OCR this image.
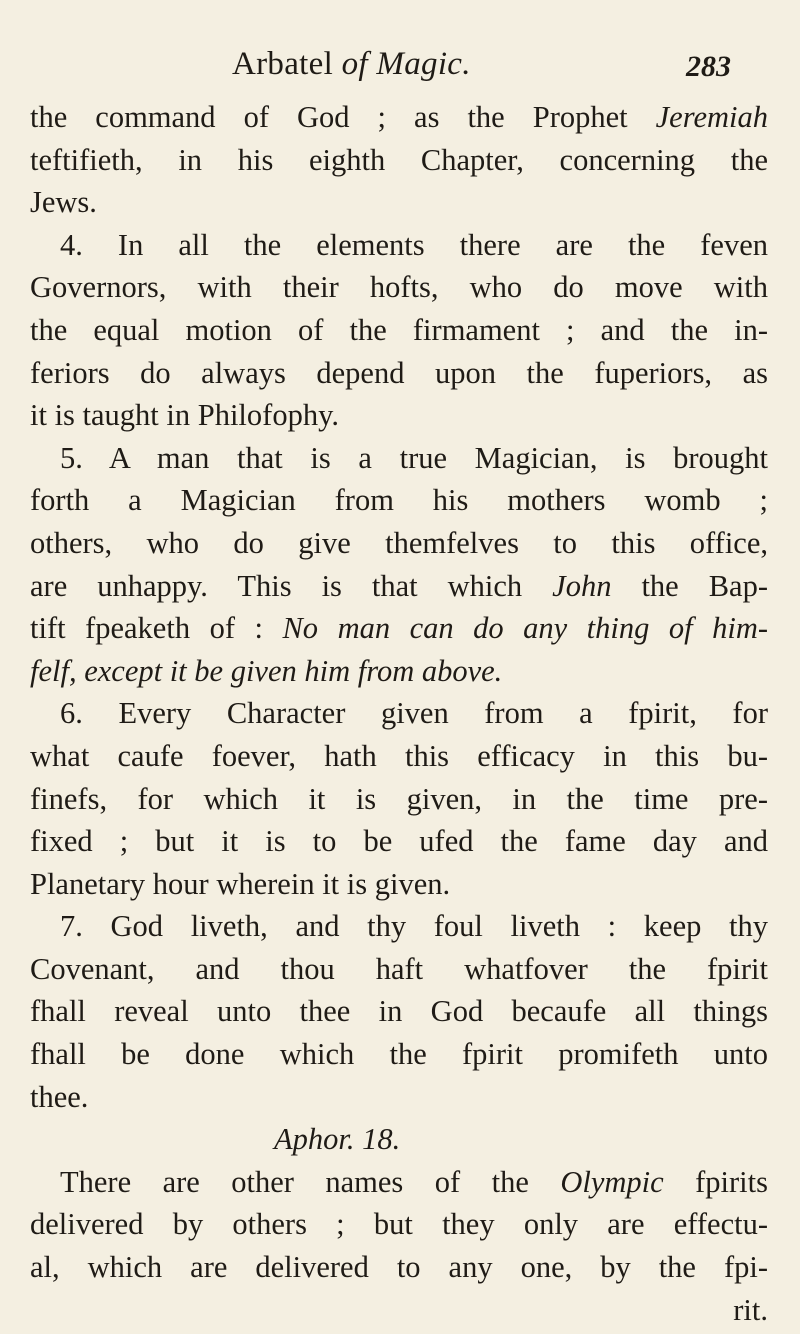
Arbatel of Magic.	283
the command of God ; as the Prophet Jeremiah
teftifieth, in his eighth Chapter, concerning the
Jews.
4. In all the elements there are the feven
Governors, with their hofts, who do move with
the equal motion of the firmament ; and the in-
feriors do always depend upon the fuperiors, as
it is taught in Philofophy.
5. A man that is a true Magician, is brought
forth a Magician from his mothers womb ;
others, who do give themfelves to this office,
are unhappy. This is that which John the Bap-
tift fpeaketh of : No man can do any thing of him-
felf, except it be given him from above.
6. Every Character given from a fpirit, for
what caufe foever, hath this efficacy in this bu-
finefs, for which it is given, in the time pre-
fixed ; but it is to be ufed the fame day and
Planetary hour wherein it is given.
7. God liveth, and thy foul liveth : keep thy
Covenant, and thou haft whatfover the fpirit
fhall reveal unto thee in God becaufe all things
fhall be done which the fpirit promifeth unto
thee.
Aphor. 18.
There are other names of the Olympic fpirits
delivered by others ; but they only are effectu-
al, which are delivered to any one, by the fpi-
rit.
